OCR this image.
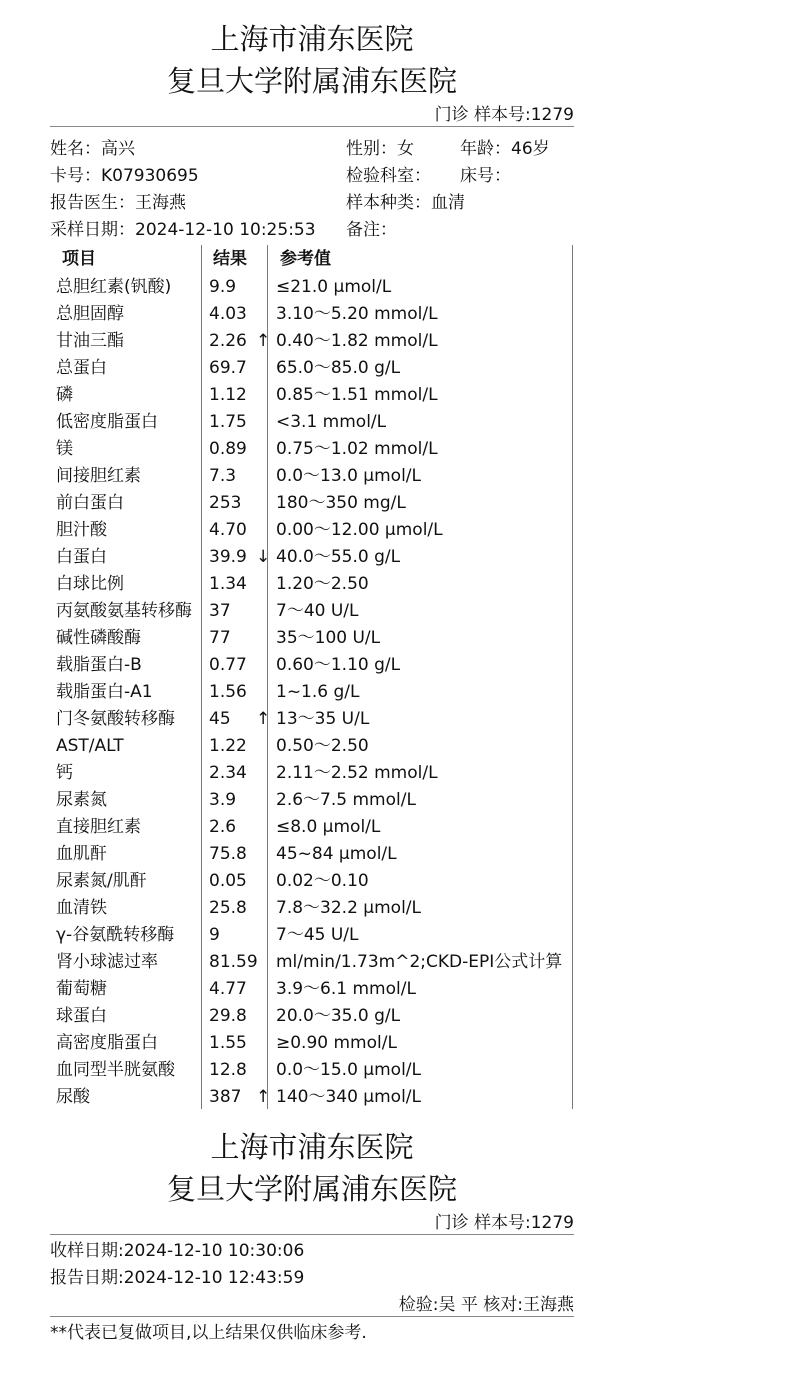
上海市浦东医院
复旦大学附属浦东医院
门诊 样本号:1279
姓名：高兴	性别：女	年龄：46岁
卡号：K07930695	检验科室： 床号：
报告医生：王海燕	样本种类：血清
采样日期：2024-12-10 10:25:53 备注：
项目	结果 参考值
总胆红素(钒酸) 9.9 ≤21.0 μmol/L
总胆固醇	4.03 3.10～5.20 mmol/L
甘油三酯	2.26 ↑ 0.40～1.82 mmol/L
总蛋白	69.7 65.0～85.0 g/L
磷	1.12 0.85～1.51 mmol/L
低密度脂蛋白	1.75 <3.1 mmol/L
镁	0.89 0.75～1.02 mmol/L
间接胆红素	7.3 0.0～13.0 μmol/L
前白蛋白	253 180～350 mg/L
胆汁酸	4.70 0.00～12.00 μmol/L
白蛋白	39.9 ↓ 40.0～55.0 g/L
白球比例	1.34 1.20～2.50
丙氨酸氨基转移酶 37	7～40 U/L
碱性磷酸酶	77	35～100 U/L
载脂蛋白-B	0.77 0.60～1.10 g/L
载脂蛋白-A1	1.56 1~1.6 g/L
门冬氨酸转移酶 45 ↑ 13～35 U/L
AST/ALT	1.22 0.50～2.50
钙	2.34 2.11～2.52 mmol/L
尿素氮	3.9 2.6～7.5 mmol/L
直接胆红素	2.6 ≤8.0 μmol/L
血肌酐	75.8 45~84 μmol/L
尿素氮/肌酐	0.05 0.02～0.10
血清铁	25.8 7.8～32.2 μmol/L
γ-谷氨酰转移酶 9	7～45 U/L
肾小球滤过率	81.59 ml/min/1.73m^2;CKD-EPI公式计算
葡萄糖	4.77 3.9～6.1 mmol/L
球蛋白	29.8 20.0～35.0 g/L
高密度脂蛋白	1.55 ≥0.90 mmol/L
血同型半胱氨酸 12.8 0.0～15.0 μmol/L
尿酸	387 ↑ 140～340 μmol/L
上海市浦东医院
复旦大学附属浦东医院
门诊 样本号:1279
收样日期:2024-12-10 10:30:06
报告日期:2024-12-10 12:43:59
检验:吴 平 核对:王海燕
**代表已复做项目,以上结果仅供临床参考.
